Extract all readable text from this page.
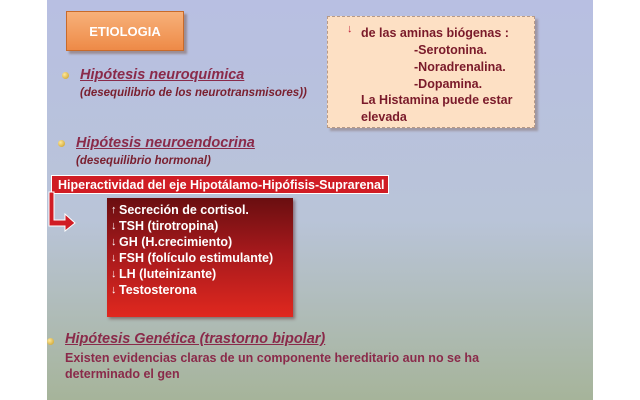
ETIOLOGIA	↓ de las aminas biógenas :
-Serotonina.
-Noradrenalina.
-Dopamina.
La Histamina puede estar elevada
Hipótesis neuroquímica
(desequilibrio de los neurotransmisores))
Hipótesis neuroendocrina
(desequilibrio hormonal)
Hiperactividad del eje Hipotálamo-Hipófisis-Suprarenal
↑ Secreción de cortisol.
↓ TSH (tirotropina)
↓ GH (H.crecimiento)
↓ FSH (folículo estimulante)
↓ LH (luteinizante)
↓ Testosterona
Hipótesis Genética (trastorno bipolar)
Existen evidencias claras de un componente hereditario aun no se ha determinado el gen
